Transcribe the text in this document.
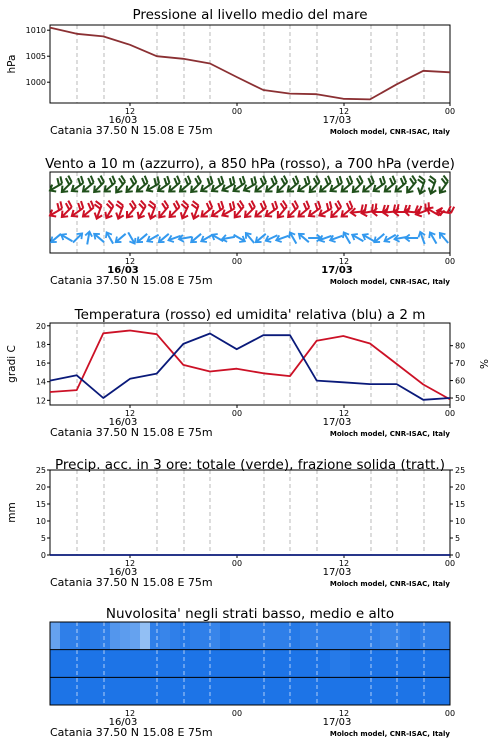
Pressione al livello medio del mare
12	00	12	00
16/03	17/03
Catania 37.50 N 15.08 E 75m	Moloch model, CNR-ISAC, Italy
1010
1005
1000
hPa
Vento a 10 m (azzurro), a 850 hPa (rosso), a 700 hPa (verde)
12	00	12	00
16/03	17/03
Catania 37.50 N 15.08 E 75m	Moloch model, CNR-ISAC, Italy
Temperatura (rosso) ed umidita' relativa (blu) a 2 m
12	00	12	00
16/03	17/03
Catania 37.50 N 15.08 E 75m	Moloch model, CNR-ISAC, Italy
20
18
16
14
12
80
70
60
50
gradi C	%
Precip. acc. in 3 ore: totale (verde), frazione solida (tratt.)
12	00	12	00
16/03	17/03
Catania 37.50 N 15.08 E 75m	Moloch model, CNR-ISAC, Italy
25
20
15
10
5
0
25
20
15
10
5
0
mm
Nuvolosita' negli strati basso, medio e alto
12	00	12	00
16/03	17/03
Catania 37.50 N 15.08 E 75m	Moloch model, CNR-ISAC, Italy
